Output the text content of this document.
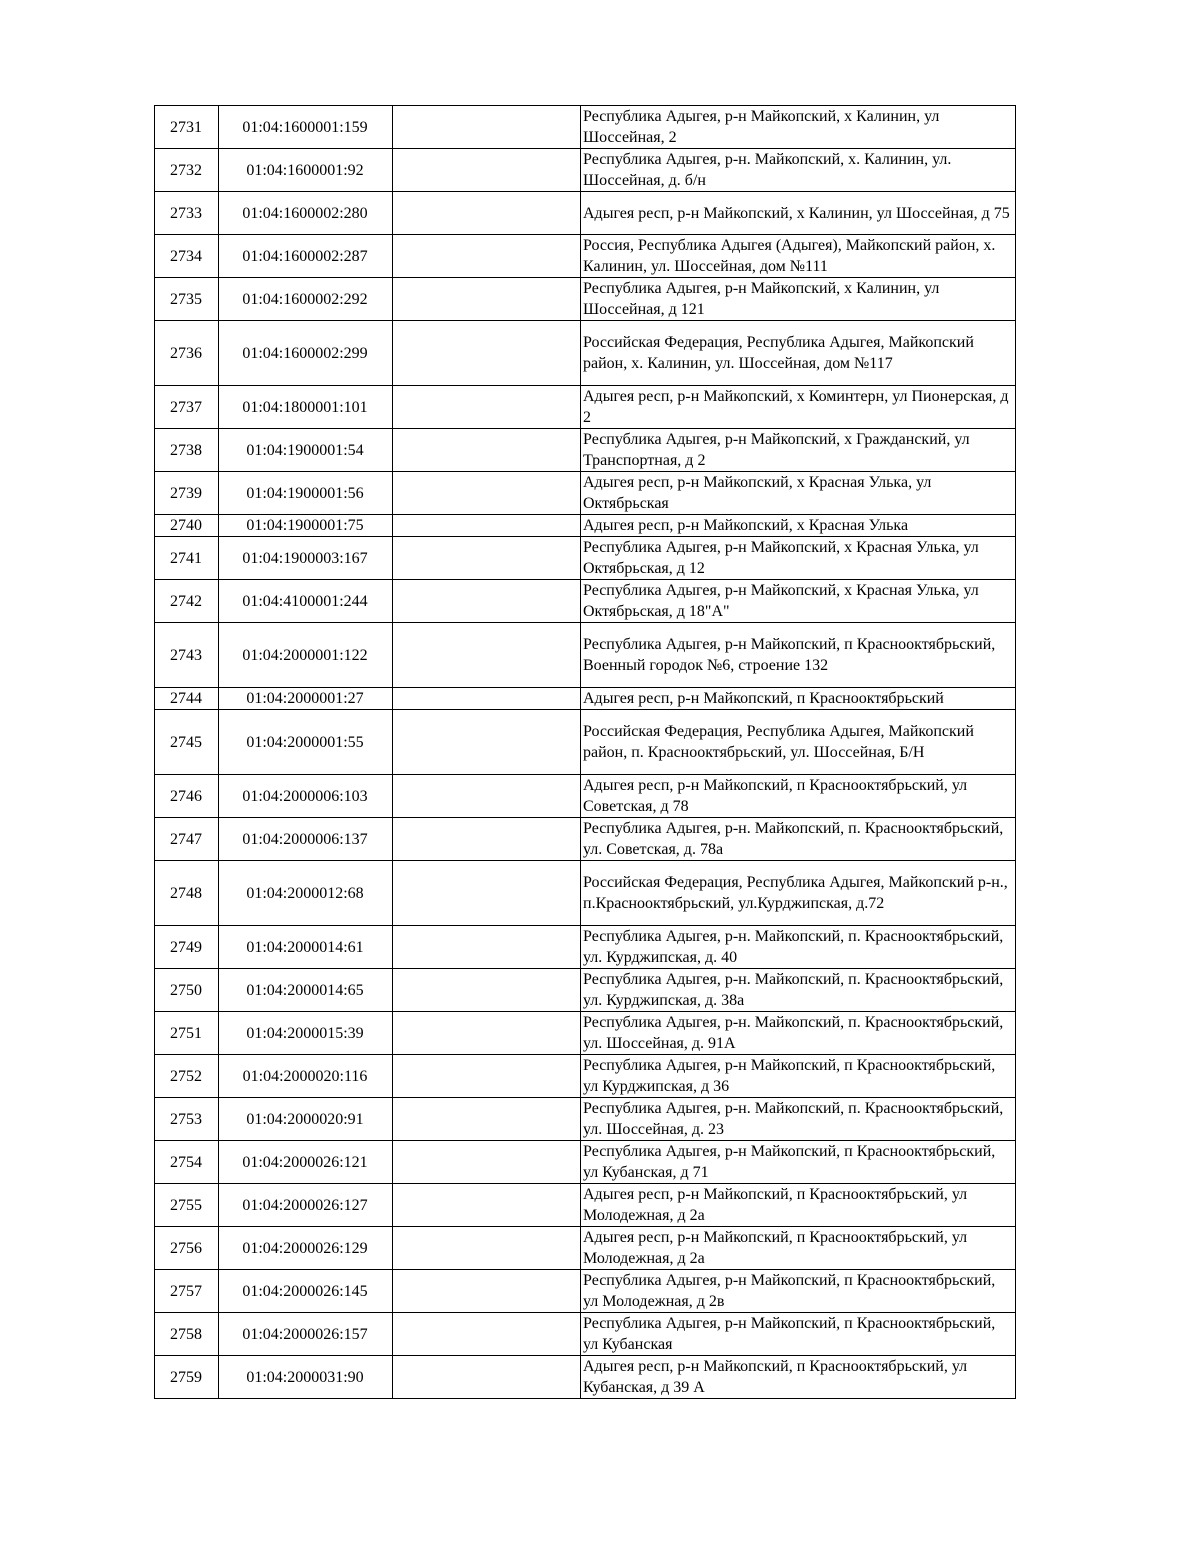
2731	01:04:1600001:159		Республика Адыгея, р-н Майкопский, х Калинин, ул Шоссейная, 2
2732	01:04:1600001:92		Республика Адыгея, р-н. Майкопский, х. Калинин, ул. Шоссейная, д. б/н
2733	01:04:1600002:280		Адыгея респ, р-н Майкопский, х Калинин, ул Шоссейная, д 75
2734	01:04:1600002:287		Россия, Республика Адыгея (Адыгея), Майкопский район, х. Калинин, ул. Шоссейная, дом №111
2735	01:04:1600002:292		Республика Адыгея, р-н Майкопский, х Калинин, ул Шоссейная, д 121
2736	01:04:1600002:299		Российская Федерация, Республика Адыгея, Майкопский район, х. Калинин, ул. Шоссейная, дом №117
2737	01:04:1800001:101		Адыгея респ, р-н Майкопский, х Коминтерн, ул Пионерская, д 2
2738	01:04:1900001:54		Республика Адыгея, р-н Майкопский, х Гражданский, ул Транспортная, д 2
2739	01:04:1900001:56		Адыгея респ, р-н Майкопский, х Красная Улька, ул Октябрьская
2740	01:04:1900001:75		Адыгея респ, р-н Майкопский, х Красная Улька
2741	01:04:1900003:167		Республика Адыгея, р-н Майкопский, х Красная Улька, ул Октябрьская, д 12
2742	01:04:4100001:244		Республика Адыгея, р-н Майкопский, х Красная Улька, ул Октябрьская, д 18"А"
2743	01:04:2000001:122		Республика Адыгея, р-н Майкопский, п Краснооктябрьский, Военный городок №6, строение 132
2744	01:04:2000001:27		Адыгея респ, р-н Майкопский, п Краснооктябрьский
2745	01:04:2000001:55		Российская Федерация, Республика Адыгея, Майкопский район, п. Краснооктябрьский, ул. Шоссейная, Б/Н
2746	01:04:2000006:103		Адыгея респ, р-н Майкопский, п Краснооктябрьский, ул Советская, д 78
2747	01:04:2000006:137		Республика Адыгея, р-н. Майкопский, п. Краснооктябрьский, ул. Советская, д. 78а
2748	01:04:2000012:68		Российская Федерация, Республика Адыгея, Майкопский р-н., п.Краснооктябрьский, ул.Курджипская, д.72
2749	01:04:2000014:61		Республика Адыгея, р-н. Майкопский, п. Краснооктябрьский, ул. Курджипская, д. 40
2750	01:04:2000014:65		Республика Адыгея, р-н. Майкопский, п. Краснооктябрьский, ул. Курджипская, д. 38а
2751	01:04:2000015:39		Республика Адыгея, р-н. Майкопский, п. Краснооктябрьский, ул. Шоссейная, д. 91А
2752	01:04:2000020:116		Республика Адыгея, р-н Майкопский, п Краснооктябрьский, ул Курджипская, д 36
2753	01:04:2000020:91		Республика Адыгея, р-н. Майкопский, п. Краснооктябрьский, ул. Шоссейная, д. 23
2754	01:04:2000026:121		Республика Адыгея, р-н Майкопский, п Краснооктябрьский, ул Кубанская, д 71
2755	01:04:2000026:127		Адыгея респ, р-н Майкопский, п Краснооктябрьский, ул Молодежная, д 2а
2756	01:04:2000026:129		Адыгея респ, р-н Майкопский, п Краснооктябрьский, ул Молодежная, д 2а
2757	01:04:2000026:145		Республика Адыгея, р-н Майкопский, п Краснооктябрьский, ул Молодежная, д 2в
2758	01:04:2000026:157		Республика Адыгея, р-н Майкопский, п Краснооктябрьский, ул Кубанская
2759	01:04:2000031:90		Адыгея респ, р-н Майкопский, п Краснооктябрьский, ул Кубанская, д 39 А
